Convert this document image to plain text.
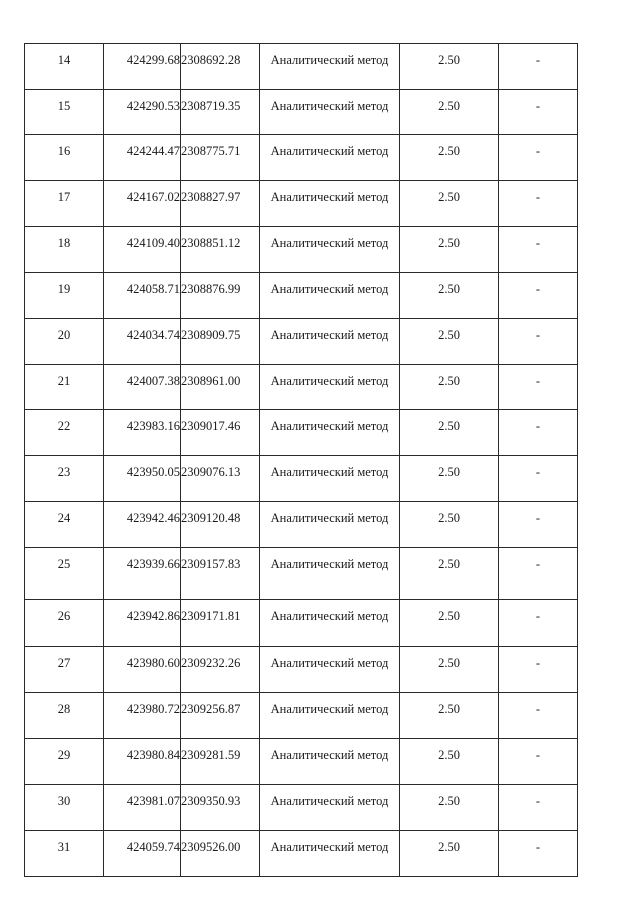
14	424299.68	2308692.28	Аналитический метод	2.50	-
15	424290.53	2308719.35	Аналитический метод	2.50	-
16	424244.47	2308775.71	Аналитический метод	2.50	-
17	424167.02	2308827.97	Аналитический метод	2.50	-
18	424109.40	2308851.12	Аналитический метод	2.50	-
19	424058.71	2308876.99	Аналитический метод	2.50	-
20	424034.74	2308909.75	Аналитический метод	2.50	-
21	424007.38	2308961.00	Аналитический метод	2.50	-
22	423983.16	2309017.46	Аналитический метод	2.50	-
23	423950.05	2309076.13	Аналитический метод	2.50	-
24	423942.46	2309120.48	Аналитический метод	2.50	-
25	423939.66	2309157.83	Аналитический метод	2.50	-
26	423942.86	2309171.81	Аналитический метод	2.50	-
27	423980.60	2309232.26	Аналитический метод	2.50	-
28	423980.72	2309256.87	Аналитический метод	2.50	-
29	423980.84	2309281.59	Аналитический метод	2.50	-
30	423981.07	2309350.93	Аналитический метод	2.50	-
31	424059.74	2309526.00	Аналитический метод	2.50	-
